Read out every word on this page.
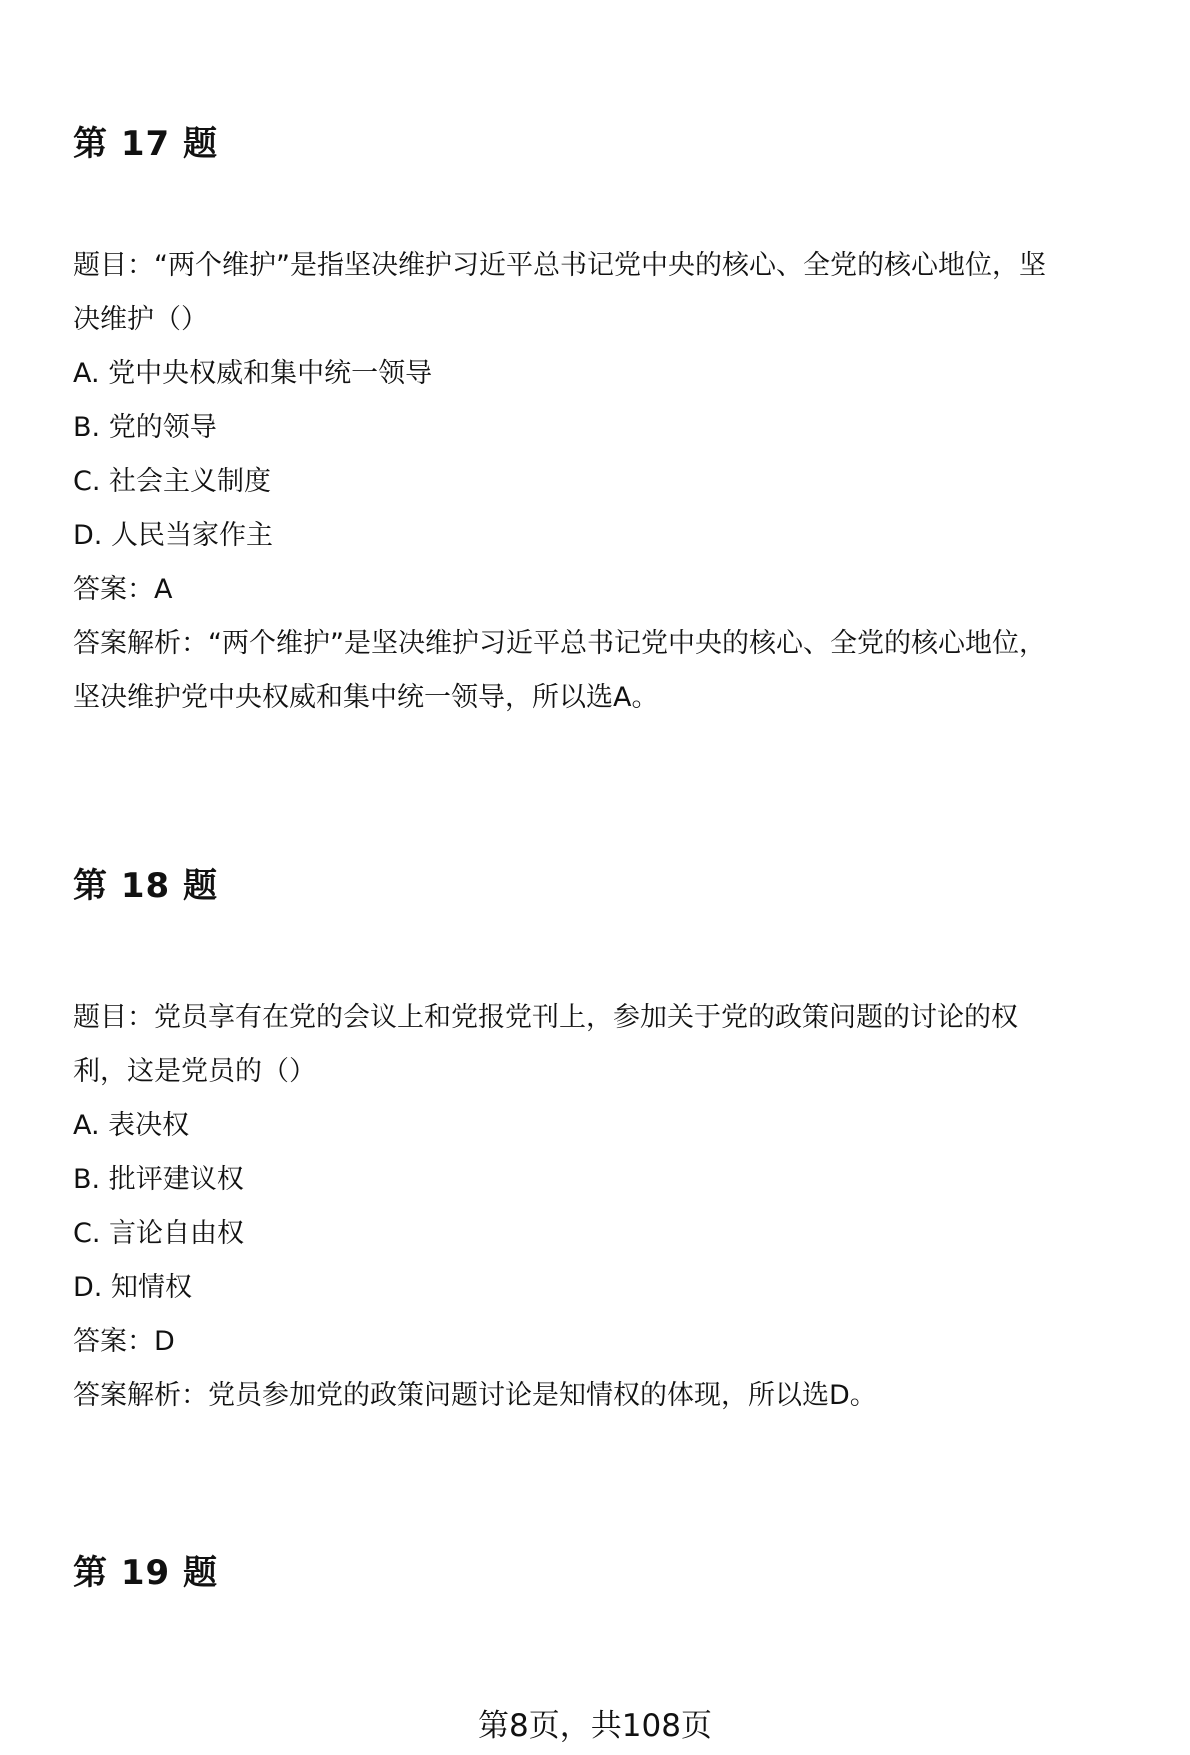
第 17 题

题目：“两个维护”是指坚决维护习近平总书记党中央的核心、全党的核心地位，坚

决维护（）

A. 党中央权威和集中统一领导

B. 党的领导

C. 社会主义制度

D. 人民当家作主

答案：A

答案解析：“两个维护”是坚决维护习近平总书记党中央的核心、全党的核心地位，

坚决维护党中央权威和集中统一领导，所以选A。

第 18 题

题目：党员享有在党的会议上和党报党刊上，参加关于党的政策问题的讨论的权

利，这是党员的（）

A. 表决权

B. 批评建议权

C. 言论自由权

D. 知情权

答案：D

答案解析：党员参加党的政策问题讨论是知情权的体现，所以选D。

第 19 题

第8页，共108页
